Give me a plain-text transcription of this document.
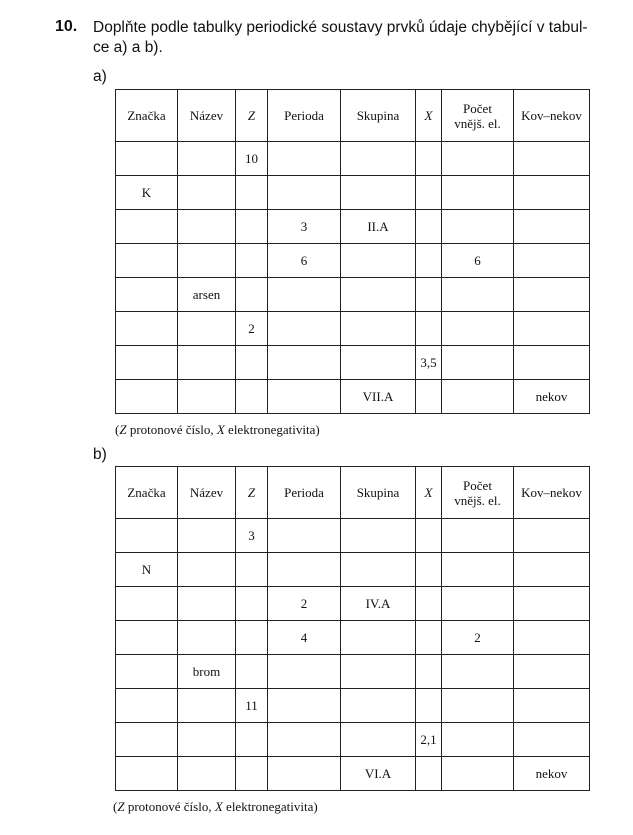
10. Doplňte podle tabulky periodické soustavy prvků údaje chybějící v tabul-
ce a) a b).
a)
Značka	Název	Z	Perioda	Skupina	X	Počet vnějš. el.	Kov–nekov
		10					
K							
			3	II.A			
			6			6	
	arsen						
		2					
					3,5		
				VII.A			nekov
(Z protonové číslo, X elektronegativita)
b)
Značka	Název	Z	Perioda	Skupina	X	Počet vnějš. el.	Kov–nekov
		3					
N							
			2	IV.A			
			4			2	
	brom						
		11					
					2,1		
				VI.A			nekov
(Z protonové číslo, X elektronegativita)
